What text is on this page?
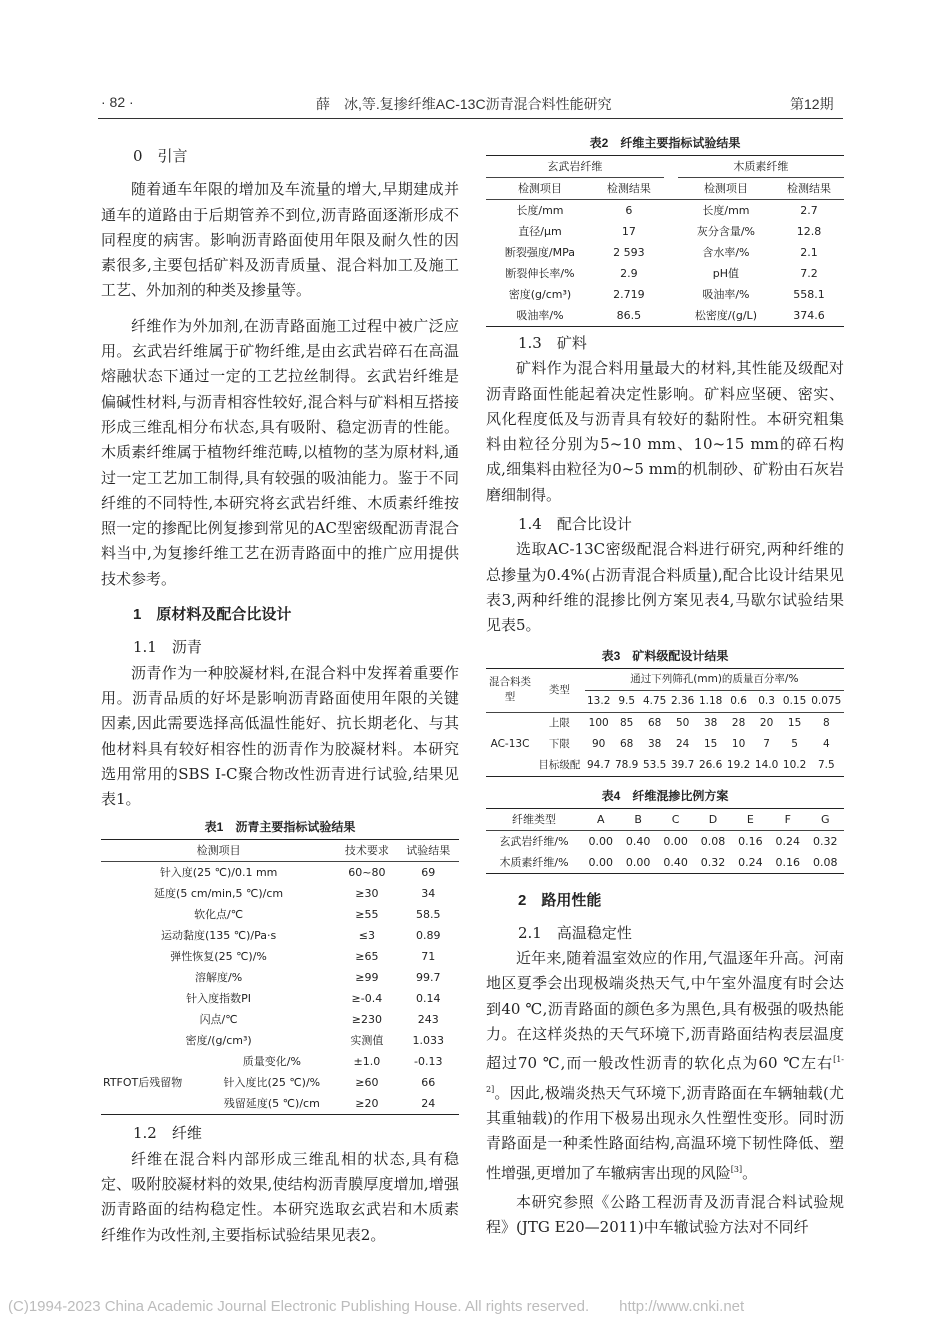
· 82 ·	薛　冰,等.复掺纤维AC-13C沥青混合料性能研究	第12期

0　引言

随着通车年限的增加及车流量的增大,早期建成并通车的道路由于后期管养不到位,沥青路面逐渐形成不同程度的病害。影响沥青路面使用年限及耐久性的因素很多,主要包括矿料及沥青质量、混合料加工及施工工艺、外加剂的种类及掺量等。

纤维作为外加剂,在沥青路面施工过程中被广泛应用。玄武岩纤维属于矿物纤维,是由玄武岩碎石在高温熔融状态下通过一定的工艺拉丝制得。玄武岩纤维是偏碱性材料,与沥青相容性较好,混合料与矿料相互搭接形成三维乱相分布状态,具有吸附、稳定沥青的性能。木质素纤维属于植物纤维范畴,以植物的茎为原材料,通过一定工艺加工制得,具有较强的吸油能力。鉴于不同纤维的不同特性,本研究将玄武岩纤维、木质素纤维按照一定的掺配比例复掺到常见的AC型密级配沥青混合料当中,为复掺纤维工艺在沥青路面中的推广应用提供技术参考。

1　原材料及配合比设计

1.1　沥青

沥青作为一种胶凝材料,在混合料中发挥着重要作用。沥青品质的好坏是影响沥青路面使用年限的关键因素,因此需要选择高低温性能好、抗长期老化、与其他材料具有较好相容性的沥青作为胶凝材料。本研究选用常用的SBS I-C聚合物改性沥青进行试验,结果见表1。

表1　沥青主要指标试验结果
检测项目		技术要求	试验结果
针入度(25 ℃)/0.1 mm		60~80	69
延度(5 cm/min,5 ℃)/cm		≥30	34
软化点/℃		≥55	58.5
运动黏度(135 ℃)/Pa·s		≤3	0.89
弹性恢复(25 ℃)/%		≥65	71
溶解度/%		≥99	99.7
针入度指数PI		≥-0.4	0.14
闪点/℃		≥230	243
密度/(g/cm³)		实测值	1.033
RTFOT后残留物	质量变化/%	±1.0	-0.13
	针入度比(25 ℃)/%	≥60	66
	残留延度(5 ℃)/cm	≥20	24

1.2　纤维

纤维在混合料内部形成三维乱相的状态,具有稳定、吸附胶凝材料的效果,使结构沥青膜厚度增加,增强沥青路面的结构稳定性。本研究选取玄武岩和木质素纤维作为改性剂,主要指标试验结果见表2。

表2　纤维主要指标试验结果
玄武岩纤维			木质素纤维	
检测项目	检测结果		检测项目	检测结果
长度/mm	6		长度/mm	2.7
直径/μm	17		灰分含量/%	12.8
断裂强度/MPa	2 593		含水率/%	2.1
断裂伸长率/%	2.9		pH值	7.2
密度(g/cm³)	2.719		吸油率/%	558.1
吸油率/%	86.5		松密度/(g/L)	374.6

1.3　矿料

矿料作为混合料用量最大的材料,其性能及级配对沥青路面性能起着决定性影响。矿料应坚硬、密实、风化程度低及与沥青具有较好的黏附性。本研究粗集料由粒径分别为5~10 mm、10~15 mm的碎石构成,细集料由粒径为0~5 mm的机制砂、矿粉由石灰岩磨细制得。

1.4　配合比设计

选取AC-13C密级配混合料进行研究,两种纤维的总掺量为0.4%(占沥青混合料质量),配合比设计结果见表3,两种纤维的混掺比例方案见表4,马歇尔试验结果见表5。

表3　矿料级配设计结果
混合料类型	类型	通过下列筛孔(mm)的质量百分率/%								
		13.2	9.5	4.75	2.36	1.18	0.6	0.3	0.15	0.075
AC-13C	上限	100	85	68	50	38	28	20	15	8
	下限	90	68	38	24	15	10	7	5	4
	目标级配	94.7	78.9	53.5	39.7	26.6	19.2	14.0	10.2	7.5
表4　纤维混掺比例方案
纤维类型	A	B	C	D	E	F	G
玄武岩纤维/%	0.00	0.40	0.00	0.08	0.16	0.24	0.32
木质素纤维/%	0.00	0.00	0.40	0.32	0.24	0.16	0.08

2　路用性能

2.1　高温稳定性

近年来,随着温室效应的作用,气温逐年升高。河南地区夏季会出现极端炎热天气,中午室外温度有时会达到40 ℃,沥青路面的颜色多为黑色,具有极强的吸热能力。在这样炎热的天气环境下,沥青路面结构表层温度超过70 ℃,而一般改性沥青的软化点为60 ℃左右[1-2]。因此,极端炎热天气环境下,沥青路面在车辆轴载(尤其重轴载)的作用下极易出现永久性塑性变形。同时沥青路面是一种柔性路面结构,高温环境下韧性降低、塑性增强,更增加了车辙病害出现的风险[3]。

本研究参照《公路工程沥青及沥青混合料试验规程》(JTG E20—2011)中车辙试验方法对不同纤

(C)1994-2023 China Academic Journal Electronic Publishing House. All rights reserved.　　http://www.cnki.net
